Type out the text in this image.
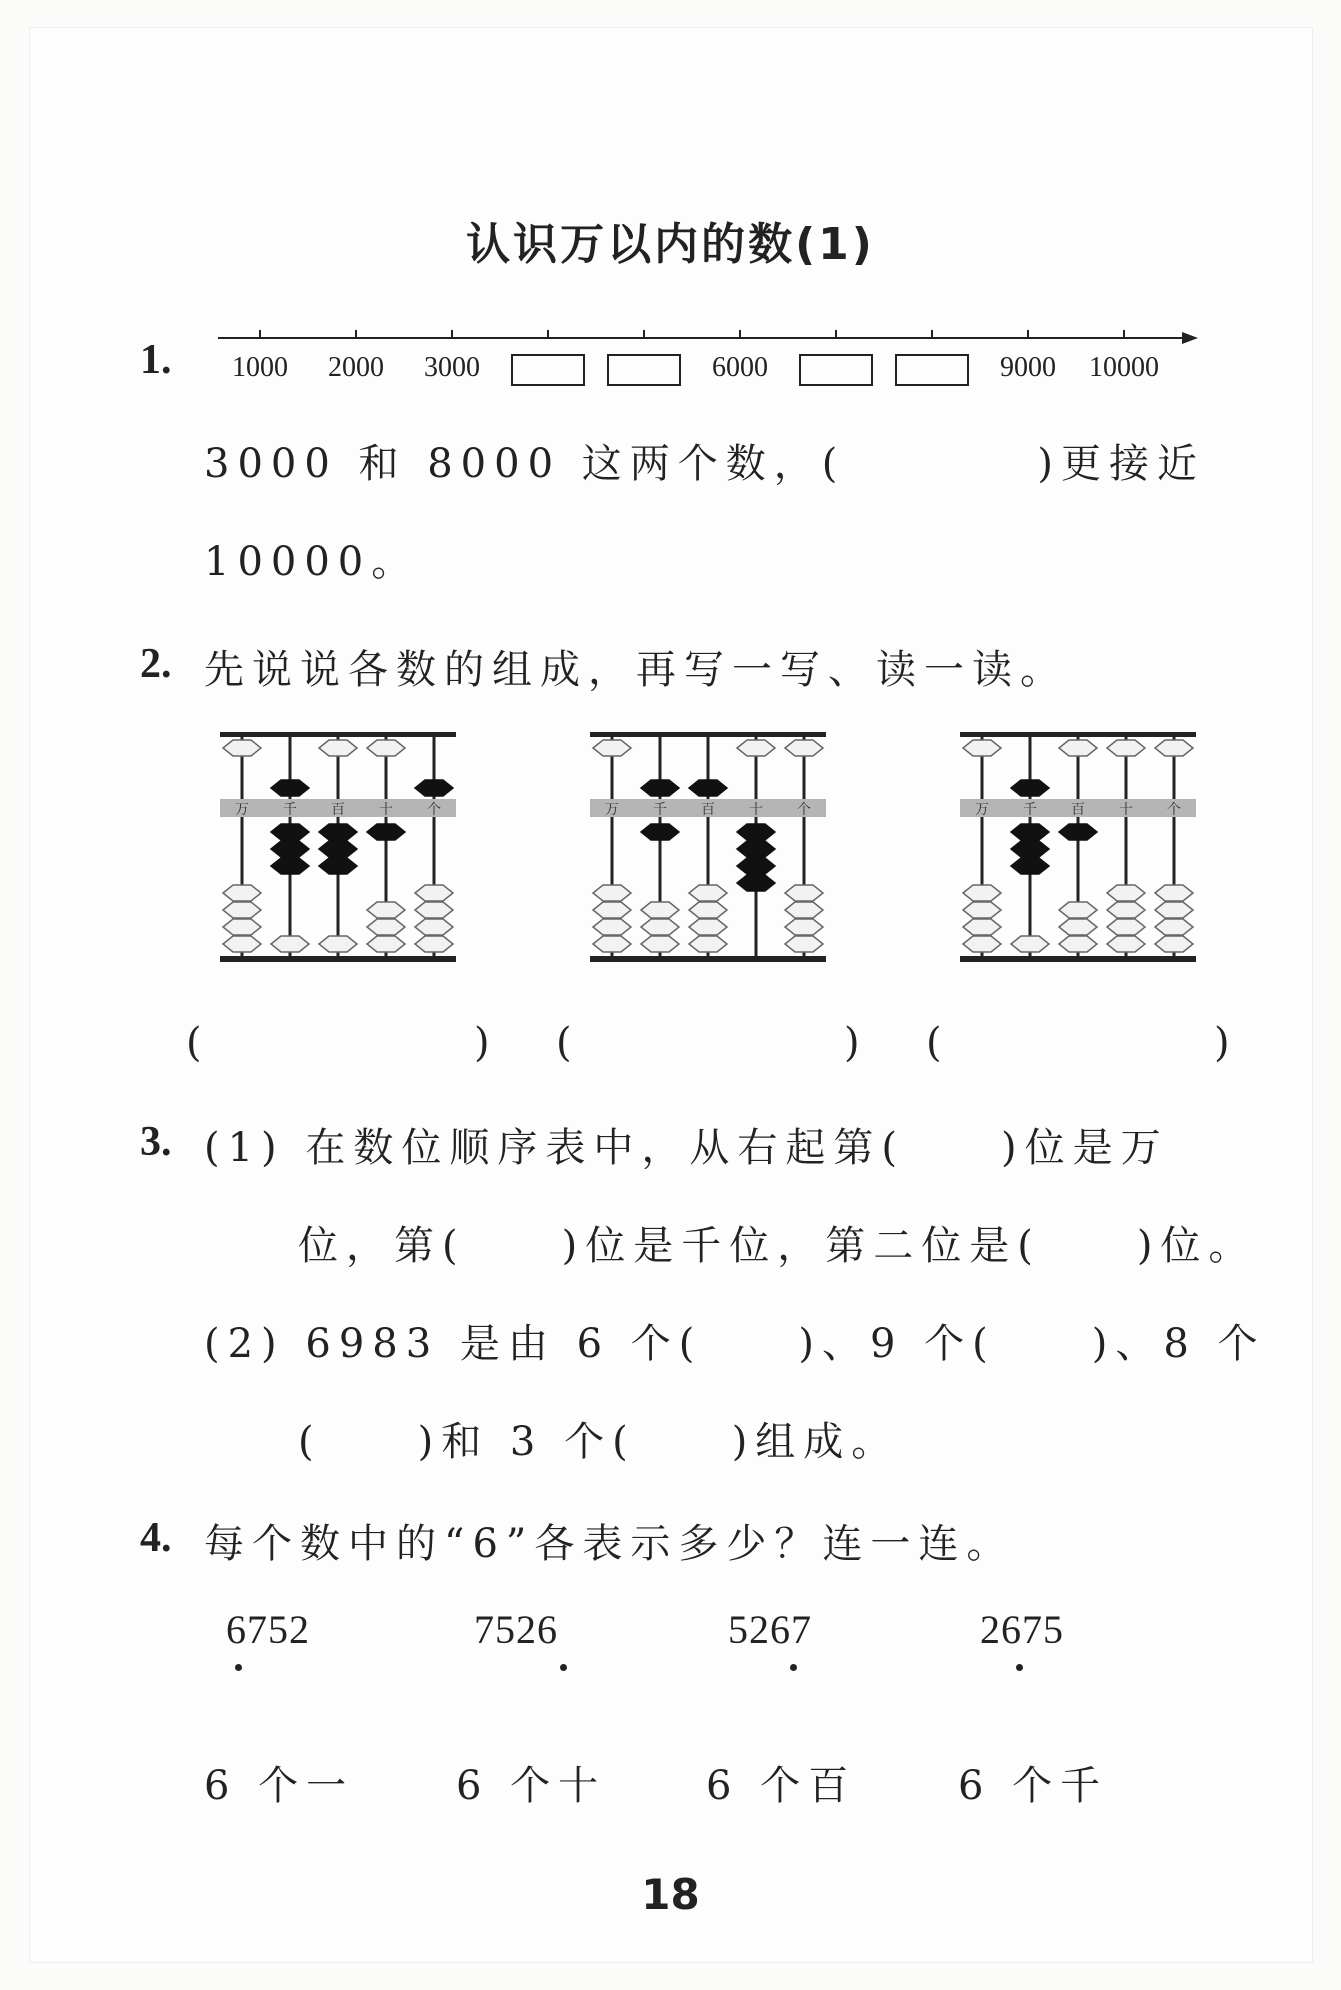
认识万以内的数(1)
1. 1000 2000 3000	6000	9000 10000
3000 和 8000 这两个数，(　　　　)更接近
10000。
2. 先说说各数的组成，再写一写、读一读。
万 千 百 十 个	万 千 百 十 个	万 千 百 十 个
(	) (	) (	)
3. (1) 在数位顺序表中，从右起第(　　)位是万
位，第(　　)位是千位，第二位是(　　)位。
(2) 6983 是由 6 个(　　)、9 个(　　)、8 个
(　　)和 3 个(　　)组成。
4. 每个数中的“6”各表示多少？连一连。
6752	7526	5267	2675
6 个一	6 个十 6 个百	6 个千
18
